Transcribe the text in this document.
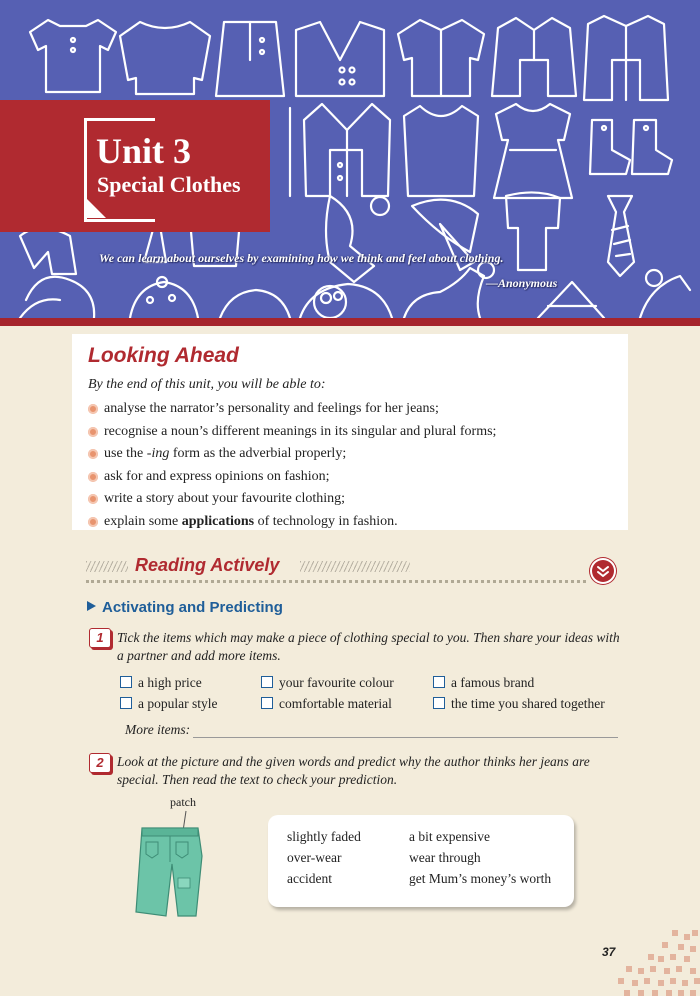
Unit 3
Special Clothes
We can learn about ourselves by examining how we think and feel about clothing.
—Anonymous
Looking Ahead
By the end of this unit, you will be able to:
analyse the narrator’s personality and feelings for her jeans;
recognise a noun’s different meanings in its singular and plural forms;
use the -ing form as the adverbial properly;
ask for and express opinions on fashion;
write a story about your favourite clothing;
explain some applications of technology in fashion.
Reading Actively
Activating and Predicting
1 Tick the items which may make a piece of clothing special to you. Then share your ideas with a partner and add more items.
a high price	your favourite colour	a famous brand
a popular style	comfortable material	the time you shared together
More items:
2 Look at the picture and the given words and predict why the author thinks her jeans are special. Then read the text to check your prediction.
patch
slightly faded	a bit expensive
over-wear	wear through
accident	get Mum’s money’s worth
37
